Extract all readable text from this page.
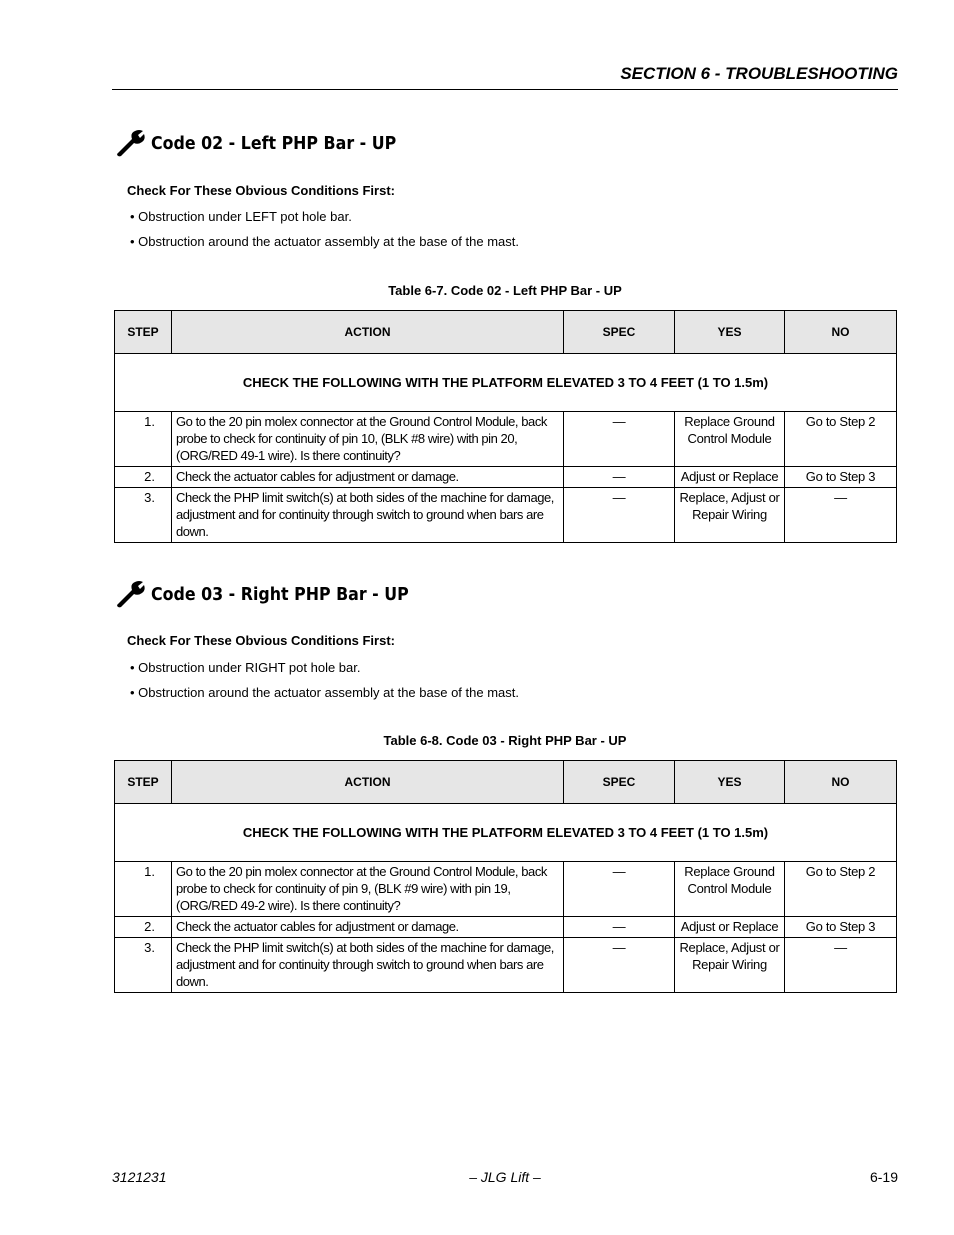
SECTION 6 - TROUBLESHOOTING
Code 02 - Left PHP Bar - UP
Check For These Obvious Conditions First:
• Obstruction under LEFT pot hole bar.
• Obstruction around the actuator assembly at the base of the mast.
Table 6-7. Code 02 - Left PHP Bar - UP
STEP	ACTION	SPEC	YES	NO
CHECK THE FOLLOWING WITH THE PLATFORM ELEVATED 3 TO 4 FEET (1 TO 1.5m)				
1.	Go to the 20 pin molex connector at the Ground Control Module, back probe to check for continuity of pin 10, (BLK #8 wire) with pin 20, (ORG/RED 49-1 wire). Is there continuity?	—	Replace Ground Control Module	Go to Step 2
2.	Check the actuator cables for adjustment or damage.	—	Adjust or Replace	Go to Step 3
3.	Check the PHP limit switch(s) at both sides of the machine for damage, adjustment and for continuity through switch to ground when bars are down.	—	Replace, Adjust or Repair Wiring	—
Code 03 - Right PHP Bar - UP
Check For These Obvious Conditions First:
• Obstruction under RIGHT pot hole bar.
• Obstruction around the actuator assembly at the base of the mast.
Table 6-8. Code 03 - Right PHP Bar - UP
STEP	ACTION	SPEC	YES	NO
CHECK THE FOLLOWING WITH THE PLATFORM ELEVATED 3 TO 4 FEET (1 TO 1.5m)				
1.	Go to the 20 pin molex connector at the Ground Control Module, back probe to check for continuity of pin 9, (BLK #9 wire) with pin 19, (ORG/RED 49-2 wire). Is there continuity?	—	Replace Ground Control Module	Go to Step 2
2.	Check the actuator cables for adjustment or damage.	—	Adjust or Replace	Go to Step 3
3.	Check the PHP limit switch(s) at both sides of the machine for damage, adjustment and for continuity through switch to ground when bars are down.	—	Replace, Adjust or Repair Wiring	—
3121231	– JLG Lift –	6-19
